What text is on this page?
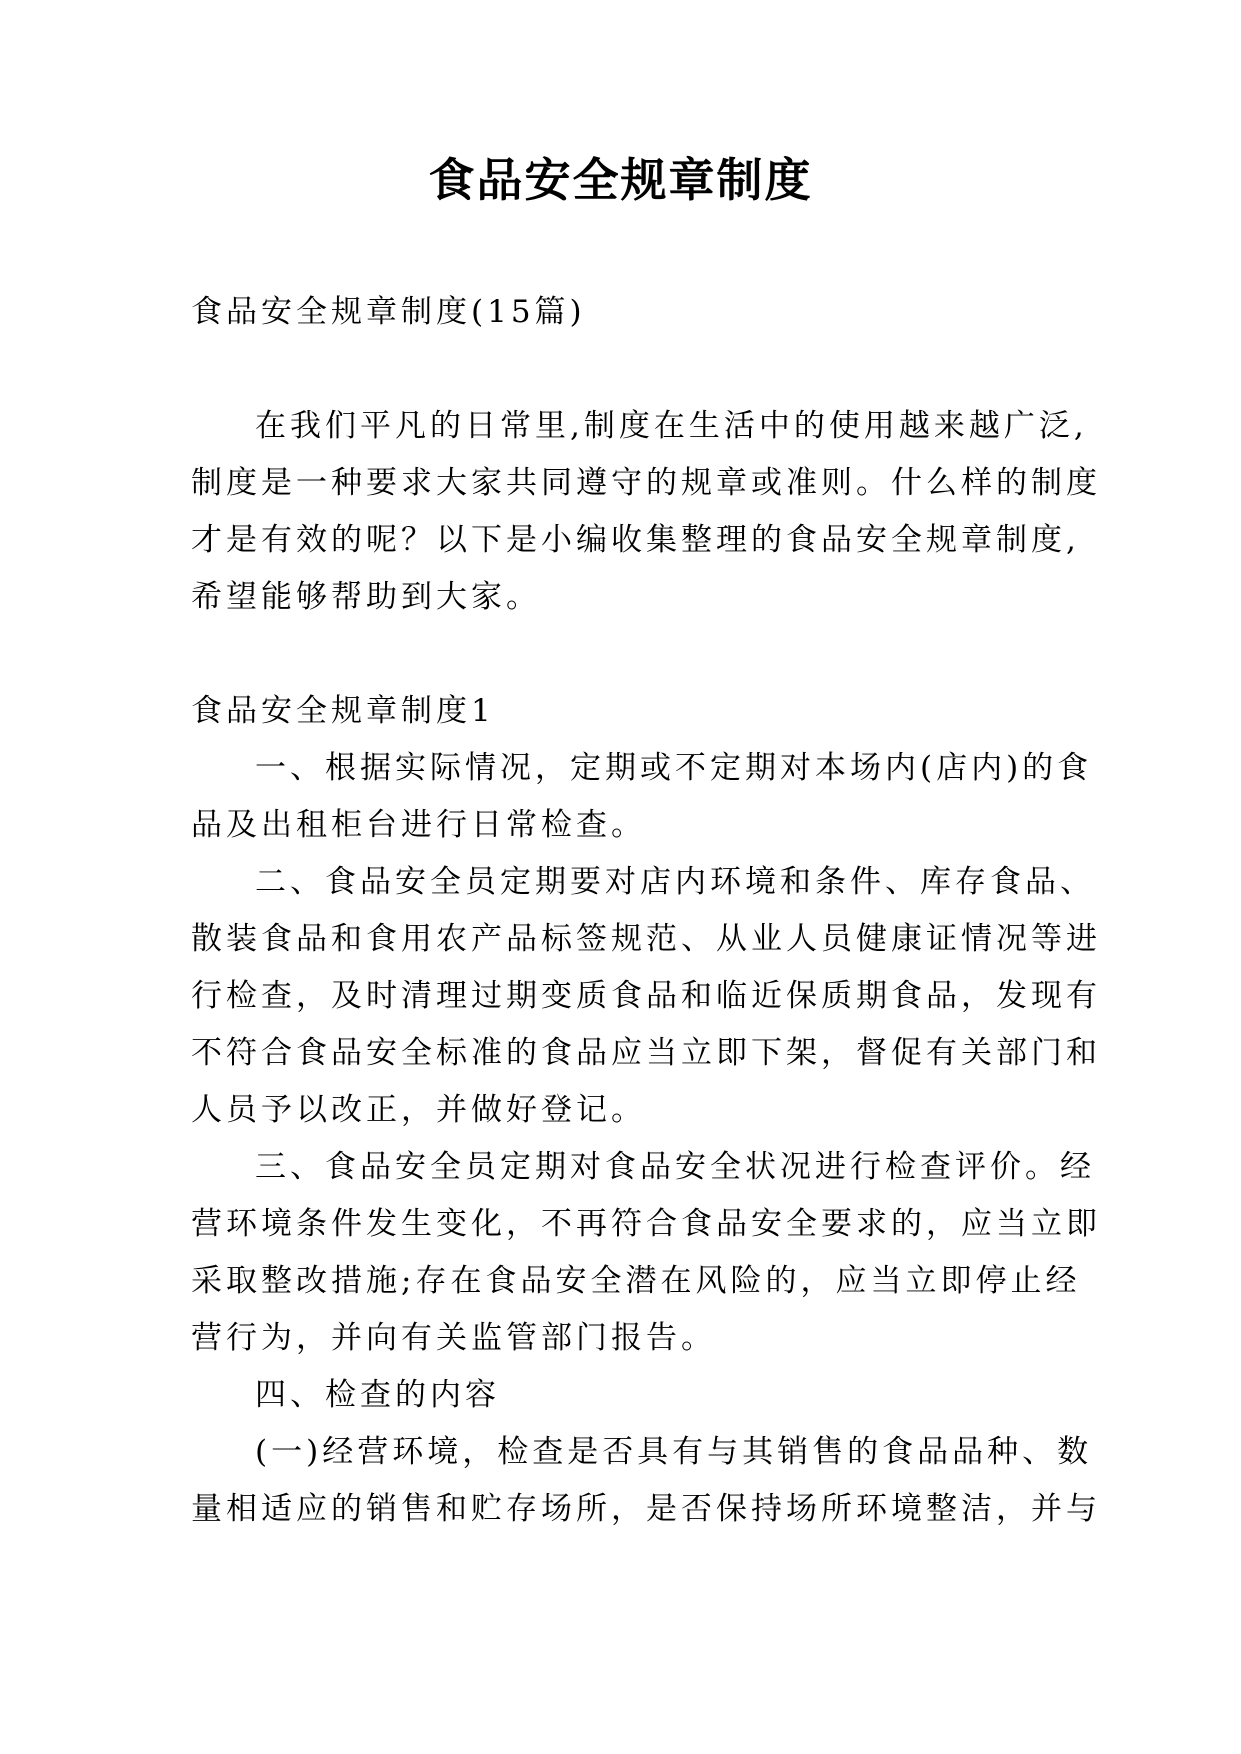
食品安全规章制度
食品安全规章制度(15篇)
在我们平凡的日常里,制度在生活中的使用越来越广泛,
制度是一种要求大家共同遵守的规章或准则。什么样的制度
才是有效的呢？以下是小编收集整理的食品安全规章制度,
希望能够帮助到大家。
食品安全规章制度1
一、根据实际情况，定期或不定期对本场内(店内)的食
品及出租柜台进行日常检查。
二、食品安全员定期要对店内环境和条件、库存食品、
散装食品和食用农产品标签规范、从业人员健康证情况等进
行检查，及时清理过期变质食品和临近保质期食品，发现有
不符合食品安全标准的食品应当立即下架，督促有关部门和
人员予以改正，并做好登记。
三、食品安全员定期对食品安全状况进行检查评价。经
营环境条件发生变化，不再符合食品安全要求的，应当立即
采取整改措施;存在食品安全潜在风险的，应当立即停止经
营行为，并向有关监管部门报告。
四、检查的内容
(一)经营环境，检查是否具有与其销售的食品品种、数
量相适应的销售和贮存场所，是否保持场所环境整洁，并与
